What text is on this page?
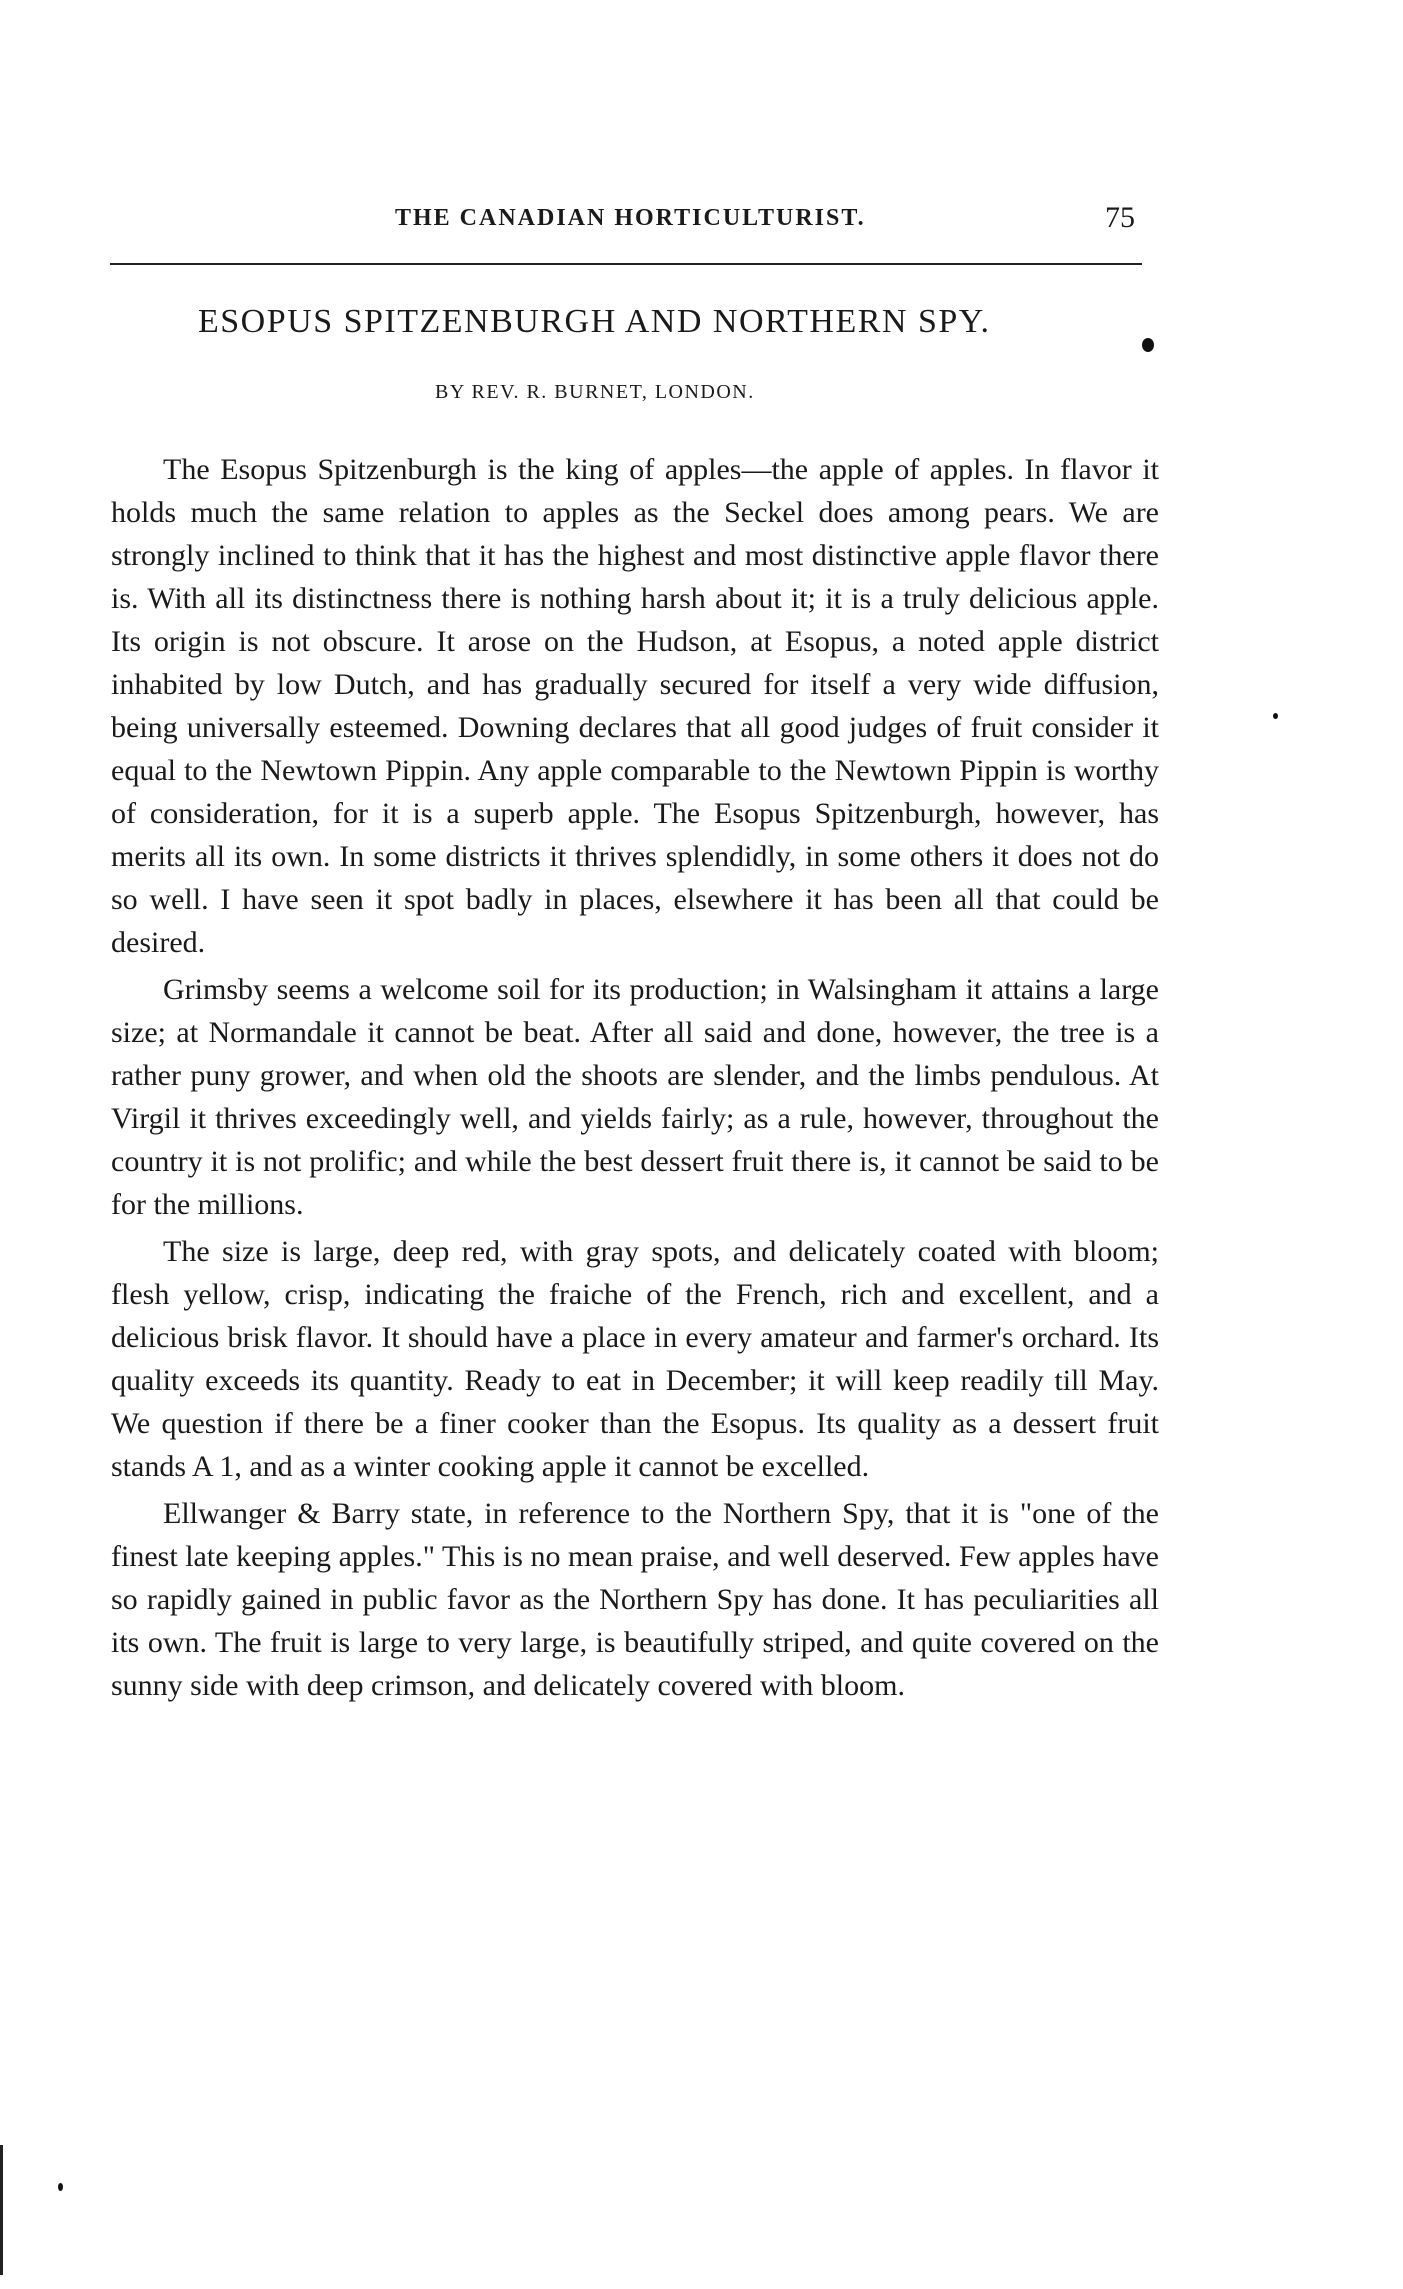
THE CANADIAN HORTICULTURIST.	75
ESOPUS SPITZENBURGH AND NORTHERN SPY.
BY REV. R. BURNET, LONDON.

The Esopus Spitzenburgh is the king of apples—the apple of apples. In flavor it holds much the same relation to apples as the Seckel does among pears. We are strongly inclined to think that it has the highest and most distinctive apple flavor there is. With all its distinctness there is nothing harsh about it; it is a truly delicious apple. Its origin is not obscure. It arose on the Hudson, at Esopus, a noted apple district inhabited by low Dutch, and has gradually secured for itself a very wide diffusion, being universally esteemed. Downing declares that all good judges of fruit consider it equal to the Newtown Pippin. Any apple comparable to the Newtown Pippin is worthy of consideration, for it is a superb apple. The Esopus Spitzenburgh, however, has merits all its own. In some districts it thrives splendidly, in some others it does not do so well. I have seen it spot badly in places, elsewhere it has been all that could be desired.

Grimsby seems a welcome soil for its production; in Walsingham it attains a large size; at Normandale it cannot be beat. After all said and done, however, the tree is a rather puny grower, and when old the shoots are slender, and the limbs pendulous. At Virgil it thrives exceedingly well, and yields fairly; as a rule, however, throughout the country it is not prolific; and while the best dessert fruit there is, it cannot be said to be for the millions.

The size is large, deep red, with gray spots, and delicately coated with bloom; flesh yellow, crisp, indicating the fraiche of the French, rich and excellent, and a delicious brisk flavor. It should have a place in every amateur and farmer's orchard. Its quality exceeds its quantity. Ready to eat in December; it will keep readily till May. We question if there be a finer cooker than the Esopus. Its quality as a dessert fruit stands A 1, and as a winter cooking apple it cannot be excelled.

Ellwanger & Barry state, in reference to the Northern Spy, that it is "one of the finest late keeping apples." This is no mean praise, and well deserved. Few apples have so rapidly gained in public favor as the Northern Spy has done. It has peculiarities all its own. The fruit is large to very large, is beautifully striped, and quite covered on the sunny side with deep crimson, and delicately covered with bloom.
